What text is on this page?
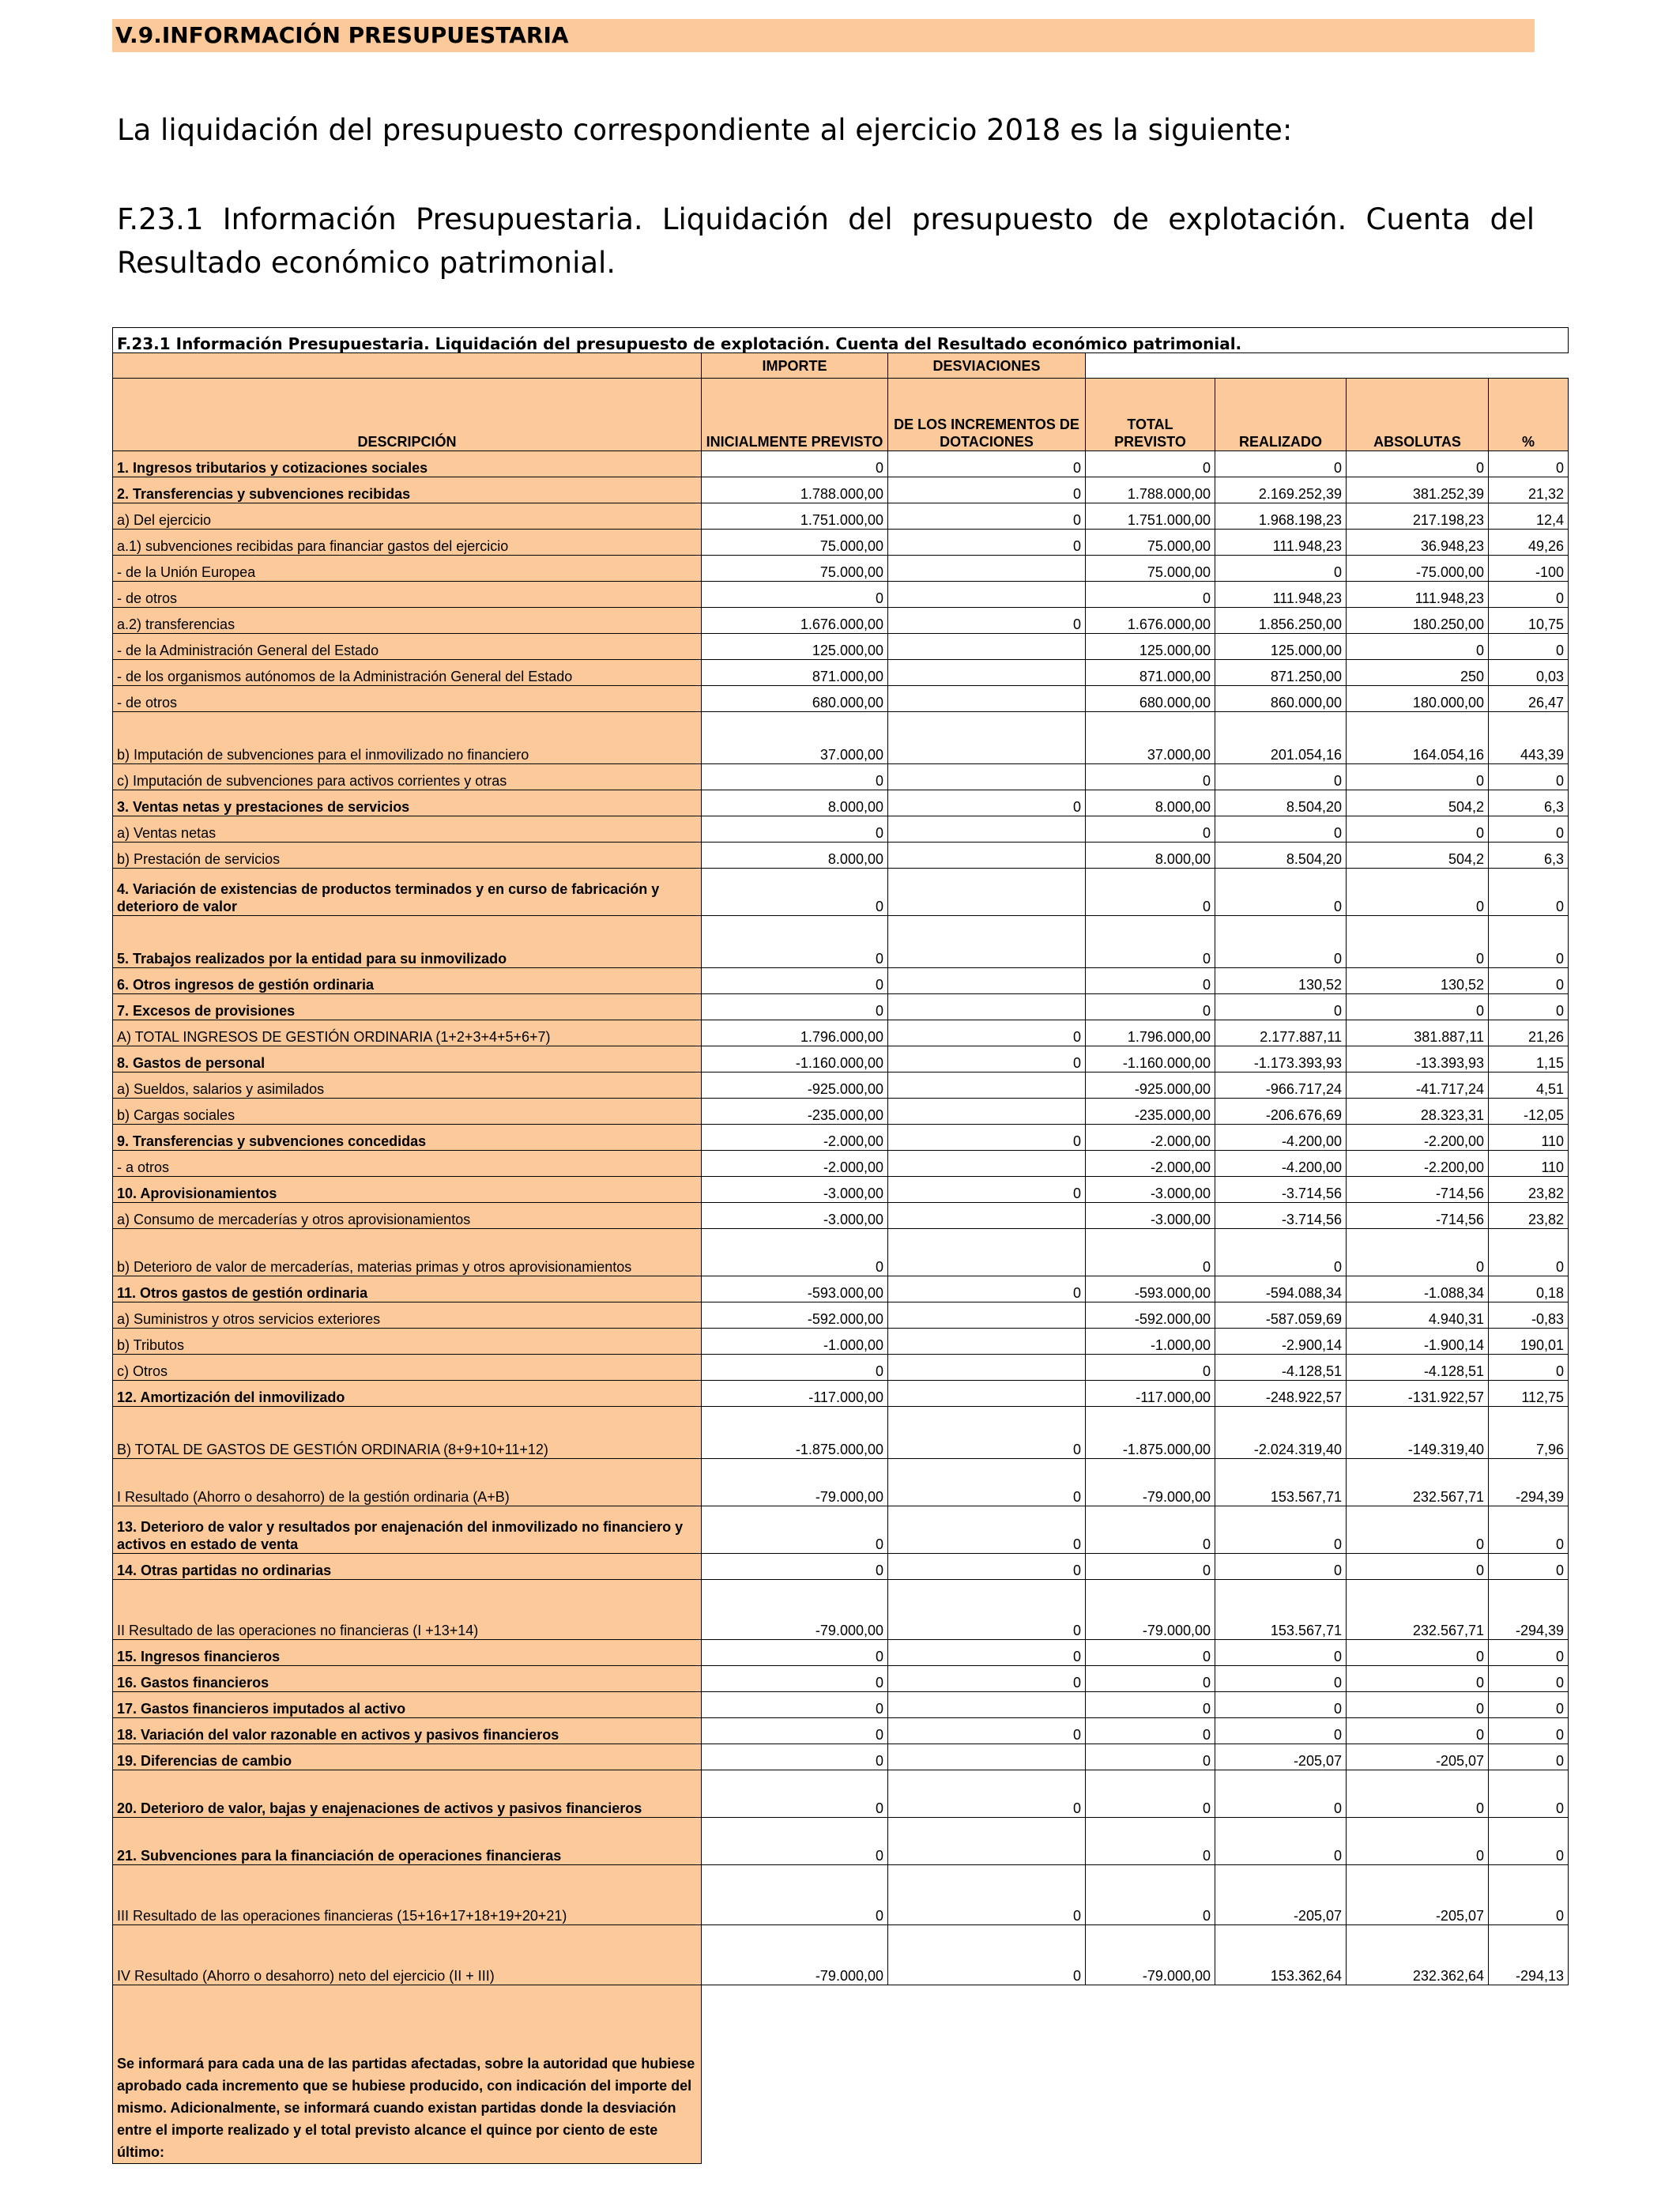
V.9.INFORMACIÓN PRESUPUESTARIA
La liquidación del presupuesto correspondiente al ejercicio 2018 es la siguiente:
F.23.1 Información Presupuestaria. Liquidación del presupuesto de explotación. Cuenta del Resultado económico patrimonial.
F.23.1 Información Presupuestaria. Liquidación del presupuesto de explotación. Cuenta del Resultado económico patrimonial.						
	IMPORTE	DESVIACIONES				
DESCRIPCIÓN	INICIALMENTE PREVISTO	DE LOS INCREMENTOS DE DOTACIONES	TOTAL PREVISTO	REALIZADO	ABSOLUTAS	%
1. Ingresos tributarios y cotizaciones sociales	0	0	0	0	0	0
2. Transferencias y subvenciones recibidas	1.788.000,00	0	1.788.000,00	2.169.252,39	381.252,39	21,32
a) Del ejercicio	1.751.000,00	0	1.751.000,00	1.968.198,23	217.198,23	12,4
a.1) subvenciones recibidas para financiar gastos del ejercicio	75.000,00	0	75.000,00	111.948,23	36.948,23	49,26
- de la Unión Europea	75.000,00		75.000,00	0	-75.000,00	-100
- de otros	0		0	111.948,23	111.948,23	0
a.2) transferencias	1.676.000,00	0	1.676.000,00	1.856.250,00	180.250,00	10,75
- de la Administración General del Estado	125.000,00		125.000,00	125.000,00	0	0
- de los organismos autónomos de la Administración General del Estado	871.000,00		871.000,00	871.250,00	250	0,03
- de otros	680.000,00		680.000,00	860.000,00	180.000,00	26,47
b) Imputación de subvenciones para el inmovilizado no financiero	37.000,00		37.000,00	201.054,16	164.054,16	443,39
c) Imputación de subvenciones para activos corrientes y otras	0		0	0	0	0
3. Ventas netas y prestaciones de servicios	8.000,00	0	8.000,00	8.504,20	504,2	6,3
a) Ventas netas	0		0	0	0	0
b) Prestación de servicios	8.000,00		8.000,00	8.504,20	504,2	6,3
4. Variación de existencias de productos terminados y en curso de fabricación y deterioro de valor	0		0	0	0	0
5. Trabajos realizados por la entidad para su inmovilizado	0		0	0	0	0
6. Otros ingresos de gestión ordinaria	0		0	130,52	130,52	0
7. Excesos de provisiones	0		0	0	0	0
A) TOTAL INGRESOS DE GESTIÓN ORDINARIA (1+2+3+4+5+6+7)	1.796.000,00	0	1.796.000,00	2.177.887,11	381.887,11	21,26
8. Gastos de personal	-1.160.000,00	0	-1.160.000,00	-1.173.393,93	-13.393,93	1,15
a) Sueldos, salarios y asimilados	-925.000,00		-925.000,00	-966.717,24	-41.717,24	4,51
b) Cargas sociales	-235.000,00		-235.000,00	-206.676,69	28.323,31	-12,05
9. Transferencias y subvenciones concedidas	-2.000,00	0	-2.000,00	-4.200,00	-2.200,00	110
- a otros	-2.000,00		-2.000,00	-4.200,00	-2.200,00	110
10. Aprovisionamientos	-3.000,00	0	-3.000,00	-3.714,56	-714,56	23,82
a) Consumo de mercaderías y otros aprovisionamientos	-3.000,00		-3.000,00	-3.714,56	-714,56	23,82
b) Deterioro de valor de mercaderías, materias primas y otros aprovisionamientos	0		0	0	0	0
11. Otros gastos de gestión ordinaria	-593.000,00	0	-593.000,00	-594.088,34	-1.088,34	0,18
a) Suministros y otros servicios exteriores	-592.000,00		-592.000,00	-587.059,69	4.940,31	-0,83
b) Tributos	-1.000,00		-1.000,00	-2.900,14	-1.900,14	190,01
c) Otros	0		0	-4.128,51	-4.128,51	0
12. Amortización del inmovilizado	-117.000,00		-117.000,00	-248.922,57	-131.922,57	112,75
B) TOTAL DE GASTOS DE GESTIÓN ORDINARIA (8+9+10+11+12)	-1.875.000,00	0	-1.875.000,00	-2.024.319,40	-149.319,40	7,96
I Resultado (Ahorro o desahorro) de la gestión ordinaria (A+B)	-79.000,00	0	-79.000,00	153.567,71	232.567,71	-294,39
13. Deterioro de valor y resultados por enajenación del inmovilizado no financiero y activos en estado de venta	0	0	0	0	0	0
14. Otras partidas no ordinarias	0	0	0	0	0	0
II Resultado de las operaciones no financieras (I +13+14)	-79.000,00	0	-79.000,00	153.567,71	232.567,71	-294,39
15. Ingresos financieros	0	0	0	0	0	0
16. Gastos financieros	0	0	0	0	0	0
17. Gastos financieros imputados al activo	0		0	0	0	0
18. Variación del valor razonable en activos y pasivos financieros	0	0	0	0	0	0
19. Diferencias de cambio	0		0	-205,07	-205,07	0
20. Deterioro de valor, bajas y enajenaciones de activos y pasivos financieros	0	0	0	0	0	0
21. Subvenciones para la financiación de operaciones financieras	0		0	0	0	0
III Resultado de las operaciones financieras (15+16+17+18+19+20+21)	0	0	0	-205,07	-205,07	0
IV Resultado (Ahorro o desahorro) neto del ejercicio (II + III)	-79.000,00	0	-79.000,00	153.362,64	232.362,64	-294,13
Se informará para cada una de las partidas afectadas, sobre la autoridad que hubiese aprobado cada incremento que se hubiese producido, con indicación del importe del mismo. Adicionalmente, se informará cuando existan partidas donde la desviación entre el importe realizado y el total previsto alcance el quince por ciento de este último:						
